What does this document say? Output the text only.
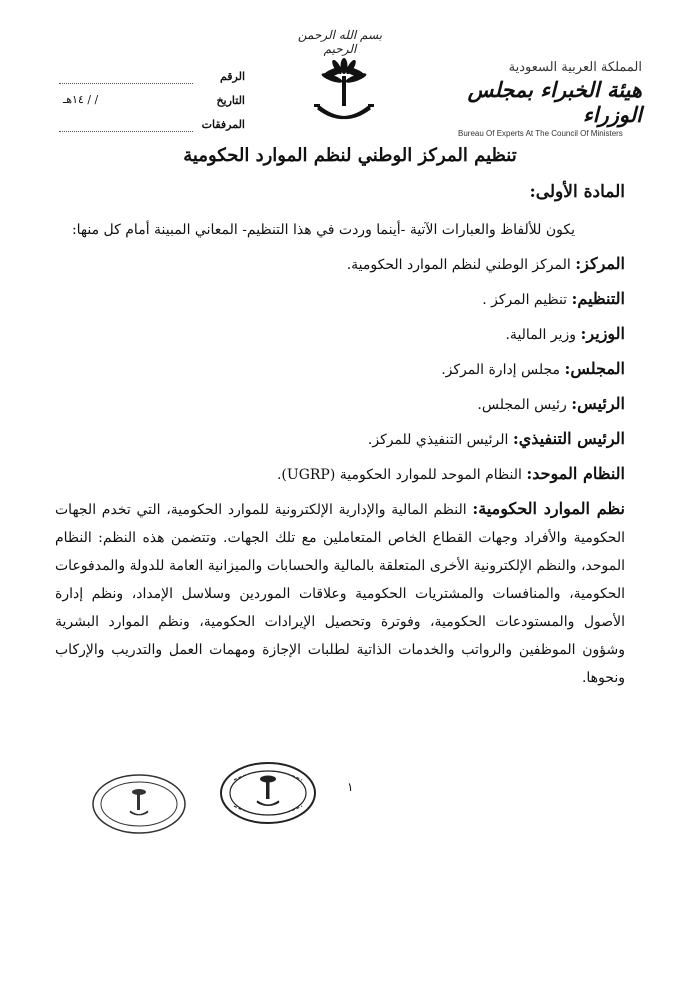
بسم الله الرحمن الرحيم
المملكة العربية السعودية
هيئة الخبراء بمجلس الوزراء
Bureau Of Experts At The Council Of Ministers
الرقم
التاريخ
/ / ١٤هـ
المرفقات
تنظيم المركز الوطني لنظم الموارد الحكومية
المادة الأولى:
يكون للألفاظ والعبارات الآتية -أينما وردت في هذا التنظيم- المعاني المبينة أمام كل منها:
المركز: المركز الوطني لنظم الموارد الحكومية.
التنظيم: تنظيم المركز .
الوزير: وزير المالية.
المجلس: مجلس إدارة المركز.
الرئيس: رئيس المجلس.
الرئيس التنفيذي: الرئيس التنفيذي للمركز.
النظام الموحد: النظام الموحد للموارد الحكومية (UGRP).
نظم الموارد الحكومية: النظم المالية والإدارية الإلكترونية للموارد الحكومية، التي تخدم الجهات الحكومية والأفراد وجهات القطاع الخاص المتعاملين مع تلك الجهات. وتتضمن هذه النظم: النظام الموحد، والنظم الإلكترونية الأخرى المتعلقة بالمالية والحسابات والميزانية العامة للدولة والمدفوعات الحكومية، والمنافسات والمشتريات الحكومية وعلاقات الموردين وسلاسل الإمداد، ونظم إدارة الأصول والمستودعات الحكومية، وفوترة وتحصيل الإيرادات الحكومية، ونظم الموارد البشرية وشؤون الموظفين والرواتب والخدمات الذاتية لطلبات الإجازة ومهمات العمل والتدريب والإركاب ونحوها.
١
